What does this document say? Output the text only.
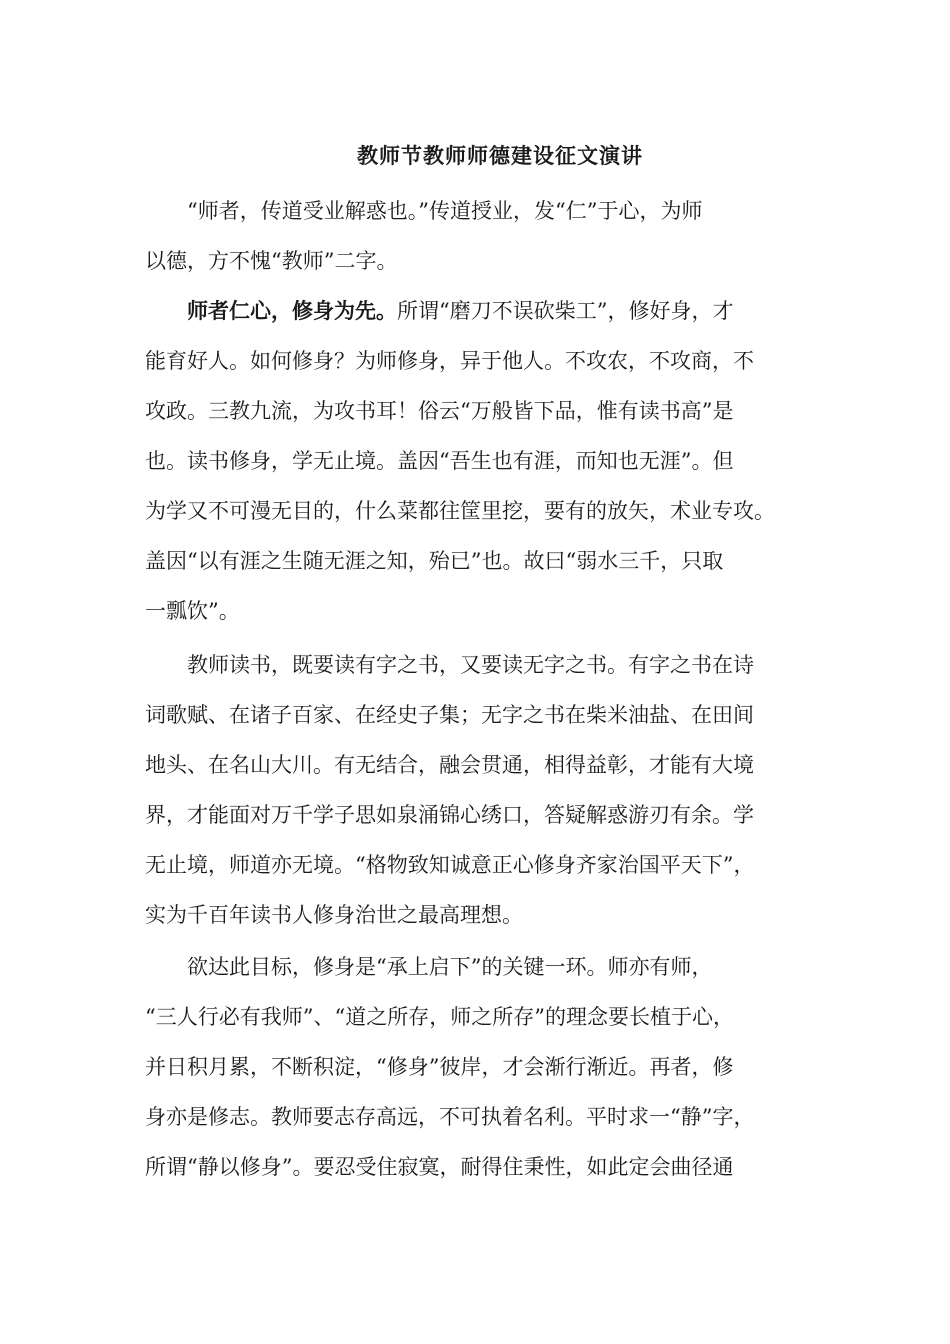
教师节教师师德建设征文演讲
“师者，传道受业解惑也。”传道授业，发“仁”于心，为师
以德，方不愧“教师”二字。
师者仁心，修身为先。所谓“磨刀不误砍柴工”，修好身，才
能育好人。如何修身？为师修身，异于他人。不攻农，不攻商，不
攻政。三教九流，为攻书耳！俗云“万般皆下品，惟有读书高”是
也。读书修身，学无止境。盖因“吾生也有涯，而知也无涯”。但
为学又不可漫无目的，什么菜都往筐里挖，要有的放矢，术业专攻。
盖因“以有涯之生随无涯之知，殆已”也。故曰“弱水三千，只取
一瓢饮”。
教师读书，既要读有字之书，又要读无字之书。有字之书在诗
词歌赋、在诸子百家、在经史子集；无字之书在柴米油盐、在田间
地头、在名山大川。有无结合，融会贯通，相得益彰，才能有大境
界，才能面对万千学子思如泉涌锦心绣口，答疑解惑游刃有余。学
无止境，师道亦无境。“格物致知诚意正心修身齐家治国平天下”，
实为千百年读书人修身治世之最高理想。
欲达此目标，修身是“承上启下”的关键一环。师亦有师，
“三人行必有我师”、“道之所存，师之所存”的理念要长植于心，
并日积月累，不断积淀，“修身”彼岸，才会渐行渐近。再者，修
身亦是修志。教师要志存高远，不可执着名利。平时求一“静”字，
所谓“静以修身”。要忍受住寂寞，耐得住秉性，如此定会曲径通
